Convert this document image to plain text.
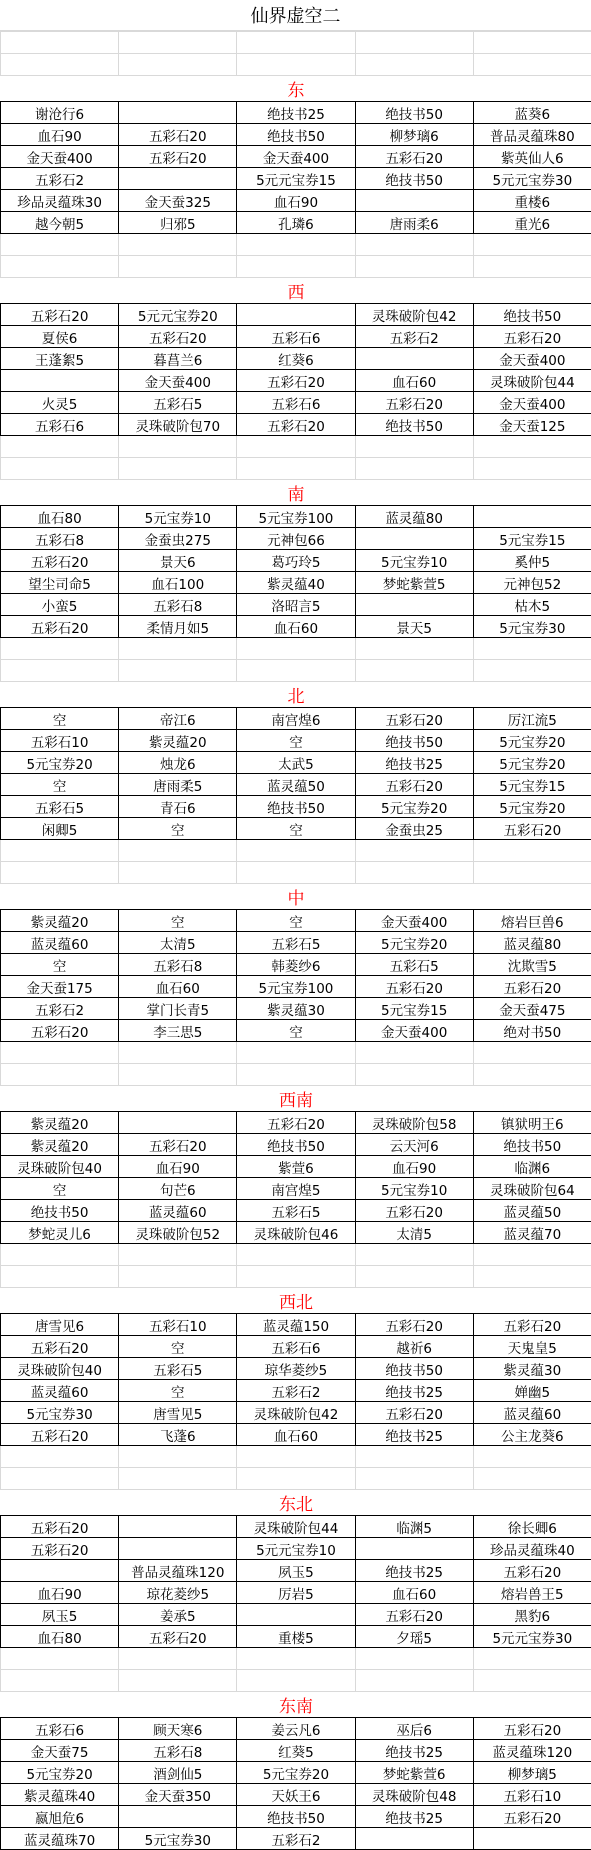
仙界虚空二

东				
谢沧行6		绝技书25	绝技书50	蓝葵6
血石90	五彩石20	绝技书50	柳梦璃6	普品灵蕴珠80
金天蚕400	五彩石20	金天蚕400	五彩石20	紫英仙人6
五彩石2		5元元宝券15	绝技书50	5元元宝券30
珍品灵蕴珠30	金天蚕325	血石90		重楼6
越今朝5	归邪5	孔璘6	唐雨柔6	重光6

西				
五彩石20	5元元宝券20		灵珠破阶包42	绝技书50
夏侯6	五彩石20	五彩石6	五彩石2	五彩石20
王蓬絮5	暮菖兰6	红葵6		金天蚕400
	金天蚕400	五彩石20	血石60	灵珠破阶包44
火灵5	五彩石5	五彩石6	五彩石20	金天蚕400
五彩石6	灵珠破阶包70	五彩石20	绝技书50	金天蚕125

南				
血石80	5元宝券10	5元宝券100	蓝灵蕴80	
五彩石8	金蚕虫275	元神包66		5元宝券15
五彩石20	景天6	葛巧玲5	5元宝券10	奚仲5
望尘司命5	血石100	紫灵蕴40	梦蛇紫萱5	元神包52
小蛮5	五彩石8	洛昭言5		枯木5
五彩石20	柔情月如5	血石60	景天5	5元宝券30

北				
空	帝江6	南宫煌6	五彩石20	厉江流5
五彩石10	紫灵蕴20	空	绝技书50	5元宝券20
5元宝券20	烛龙6	太武5	绝技书25	5元宝券20
空	唐雨柔5	蓝灵蕴50	五彩石20	5元宝券15
五彩石5	青石6	绝技书50	5元宝券20	5元宝券20
闲卿5	空	空	金蚕虫25	五彩石20

中				
紫灵蕴20	空	空	金天蚕400	熔岩巨兽6
蓝灵蕴60	太清5	五彩石5	5元宝券20	蓝灵蕴80
空	五彩石8	韩菱纱6	五彩石5	沈欺雪5
金天蚕175	血石60	5元宝券100	五彩石20	五彩石20
五彩石2	掌门长青5	紫灵蕴30	5元宝券15	金天蚕475
五彩石20	李三思5	空	金天蚕400	绝对书50

西南				
紫灵蕴20		五彩石20	灵珠破阶包58	镇狱明王6
紫灵蕴20	五彩石20	绝技书50	云天河6	绝技书50
灵珠破阶包40	血石90	紫萱6	血石90	临渊6
空	句芒6	南宫煌5	5元宝券10	灵珠破阶包64
绝技书50	蓝灵蕴60	五彩石5	五彩石20	蓝灵蕴50
梦蛇灵儿6	灵珠破阶包52	灵珠破阶包46	太清5	蓝灵蕴70

西北				
唐雪见6	五彩石10	蓝灵蕴150	五彩石20	五彩石20
五彩石20	空	五彩石6	越祈6	天鬼皇5
灵珠破阶包40	五彩石5	琼华菱纱5	绝技书50	紫灵蕴30
蓝灵蕴60	空	五彩石2	绝技书25	婵幽5
5元宝券30	唐雪见5	灵珠破阶包42	五彩石20	蓝灵蕴60
五彩石20	飞蓬6	血石60	绝技书25	公主龙葵6

东北				
五彩石20		灵珠破阶包44	临渊5	徐长卿6
五彩石20		5元元宝券10		珍品灵蕴珠40
	普品灵蕴珠120	夙玉5	绝技书25	五彩石20
血石90	琼花菱纱5	厉岩5	血石60	熔岩兽王5
夙玉5	姜承5		五彩石20	黑豹6
血石80	五彩石20	重楼5	夕瑶5	5元元宝券30

东南				
五彩石6	顾天寒6	姜云凡6	巫后6	五彩石20
金天蚕75	五彩石8	红葵5	绝技书25	蓝灵蕴珠120
5元宝券20	酒剑仙5	5元宝券20	梦蛇紫萱6	柳梦璃5
紫灵蕴珠40	金天蚕350	天妖王6	灵珠破阶包48	五彩石10
嬴旭危6		绝技书50	绝技书25	五彩石20
蓝灵蕴珠70	5元宝券30	五彩石2		
